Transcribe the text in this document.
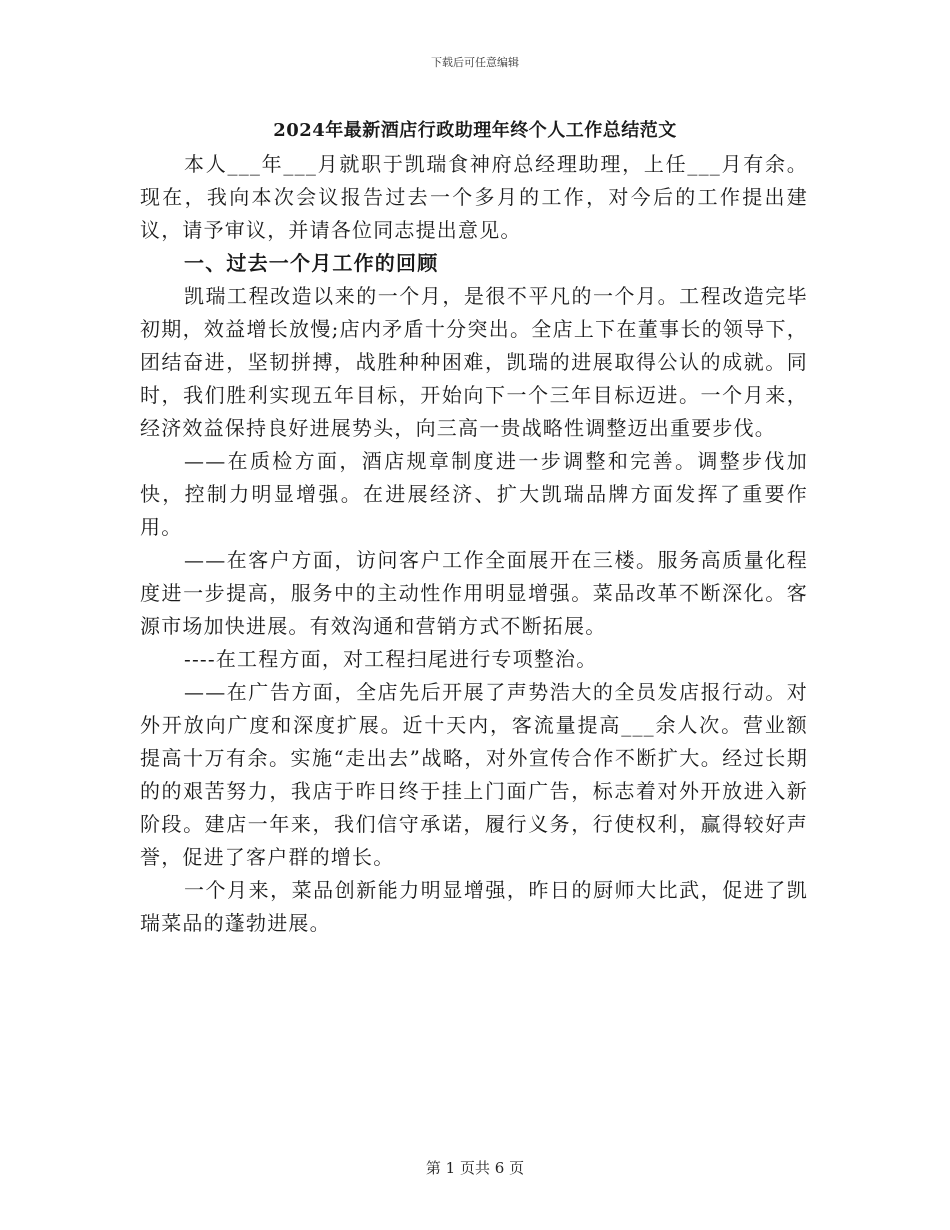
下载后可任意编辑
2024年最新酒店行政助理年终个人工作总结范文

本人___年___月就职于凯瑞食神府总经理助理，上任___月有余。现在，我向本次会议报告过去一个多月的工作，对今后的工作提出建议，请予审议，并请各位同志提出意见。

一、过去一个月工作的回顾

凯瑞工程改造以来的一个月，是很不平凡的一个月。工程改造完毕初期，效益增长放慢;店内矛盾十分突出。全店上下在董事长的领导下，团结奋进，坚韧拼搏，战胜种种困难，凯瑞的进展取得公认的成就。同时，我们胜利实现五年目标，开始向下一个三年目标迈进。一个月来，经济效益保持良好进展势头，向三高一贵战略性调整迈出重要步伐。

——在质检方面，酒店规章制度进一步调整和完善。调整步伐加快，控制力明显增强。在进展经济、扩大凯瑞品牌方面发挥了重要作用。

——在客户方面，访问客户工作全面展开在三楼。服务高质量化程度进一步提高，服务中的主动性作用明显增强。菜品改革不断深化。客源市场加快进展。有效沟通和营销方式不断拓展。

----在工程方面，对工程扫尾进行专项整治。

——在广告方面，全店先后开展了声势浩大的全员发店报行动。对外开放向广度和深度扩展。近十天内，客流量提高___余人次。营业额提高十万有余。实施“走出去”战略，对外宣传合作不断扩大。经过长期的的艰苦努力，我店于昨日终于挂上门面广告，标志着对外开放进入新阶段。建店一年来，我们信守承诺，履行义务，行使权利，赢得较好声誉，促进了客户群的增长。

一个月来，菜品创新能力明显增强，昨日的厨师大比武，促进了凯瑞菜品的蓬勃进展。

第 1 页共 6 页
